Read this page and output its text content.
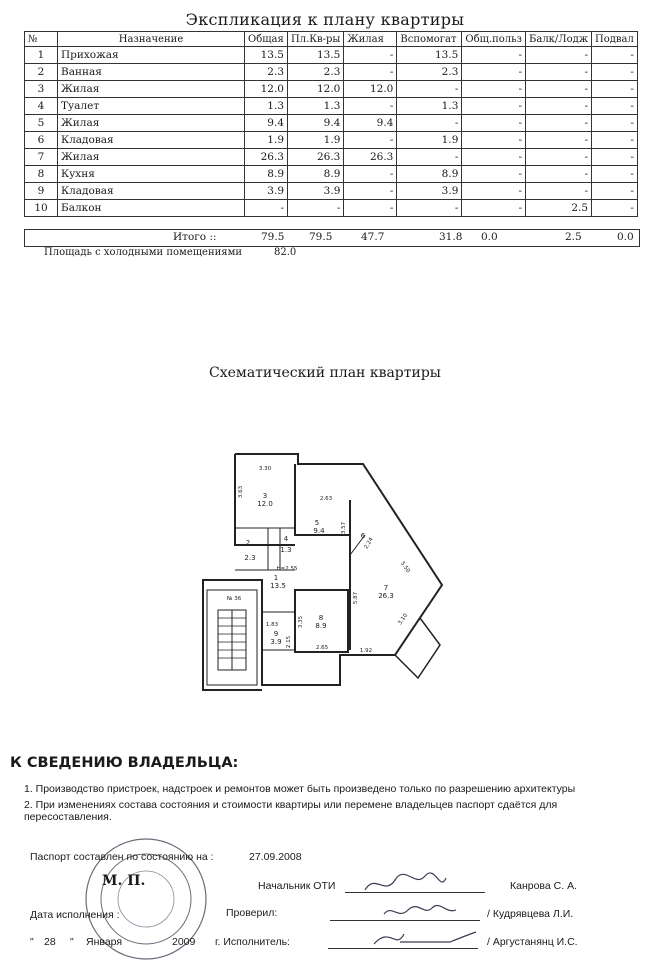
Экспликация к плану квартиры
№	Назначение	Общая	Пл.Кв-ры	Жилая	Вспомогат	Общ.польз	Балк/Лодж	Подвал
1	Прихожая	13.5	13.5	-	13.5	-	-	-
2	Ванная	2.3	2.3	-	2.3	-	-	-
3	Жилая	12.0	12.0	12.0	-	-	-	-
4	Туалет	1.3	1.3	-	1.3	-	-	-
5	Жилая	9.4	9.4	9.4	-	-	-	-
6	Кладовая	1.9	1.9	-	1.9	-	-	-
7	Жилая	26.3	26.3	26.3	-	-	-	-
8	Кухня	8.9	8.9	-	8.9	-	-	-
9	Кладовая	3.9	3.9	-	3.9	-	-	-
10	Балкон	-	-	-	-	-	2.5	-
Итого ::	79.5 79.5	47.7	31.8 0.0	2.5	0.0
Площадь с холодными помещениями	82.0
Схематический план квартиры
3
12.0
5
9.4
2
2.3
4
1.3
1
13.5
6
7
26.3
8
8.9
9
3.9
3.30
3.63
2.63
3.57
2.24
5.50
5.87
3.10
1.92
3.35
2.65
1.83
2.15
H=2.55
№ 36
К СВЕДЕНИЮ ВЛАДЕЛЬЦА:
1. Производство пристроек, надстроек и ремонтов может быть произведено только по разрешению архитектуры
2. При изменениях состава состояния и стоимости квартиры или перемене владельцев паспорт сдаётся для
пересоставления.
Паспорт составлен по состоянию на :	27.09.2008
М. П.	Начальник ОТИ	Канрова С. А.
Дата исполнения :	Проверил:	/ Кудрявцева Л.И.
" 28 " Января	2009 г. Исполнитель:	/ Аргустанянц И.С.
